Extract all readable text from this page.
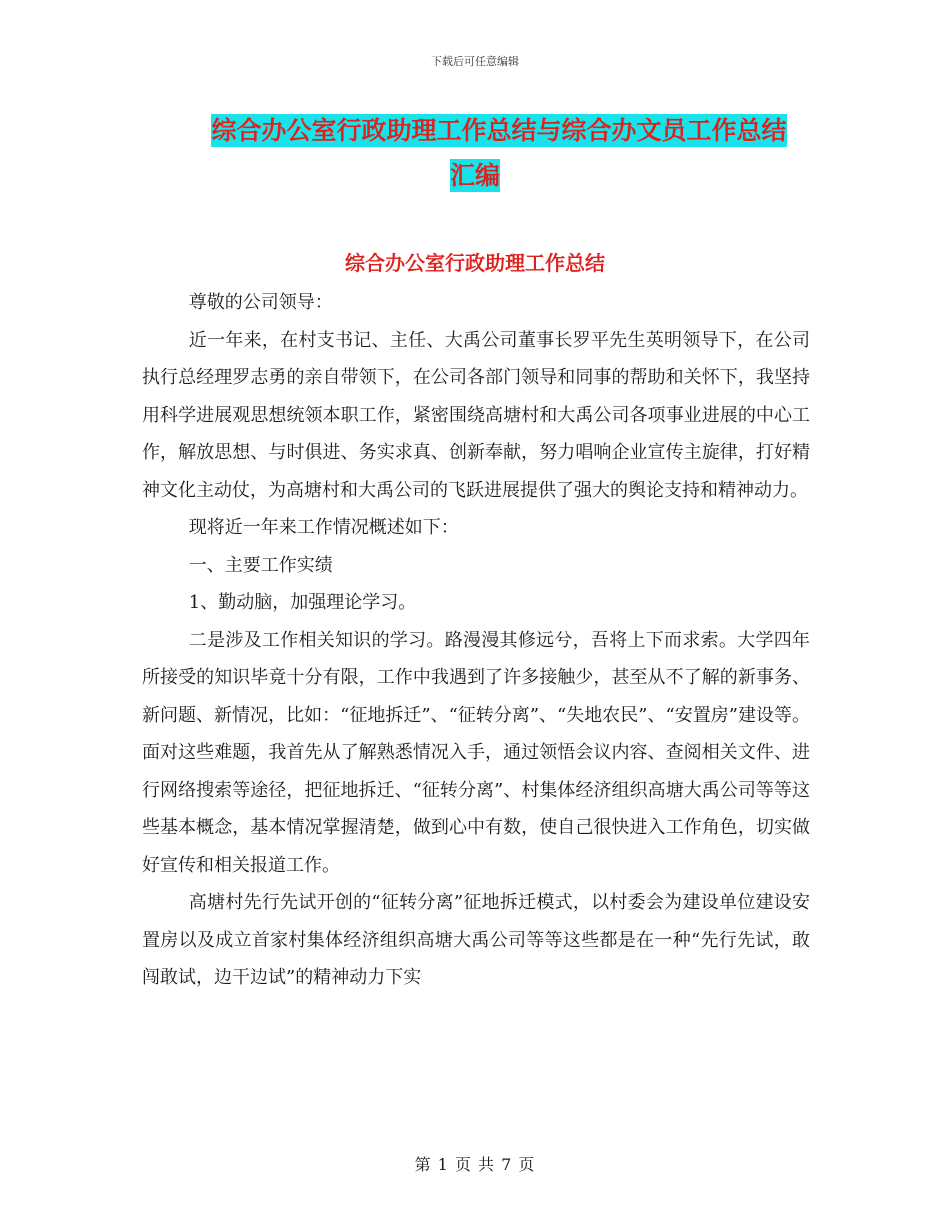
下载后可任意编辑
综合办公室行政助理工作总结与综合办文员工作总结
汇编
综合办公室行政助理工作总结

尊敬的公司领导：

近一年来，在村支书记、主任、大禹公司董事长罗平先生英明领导下，在公司执行总经理罗志勇的亲自带领下，在公司各部门领导和同事的帮助和关怀下，我坚持用科学进展观思想统领本职工作，紧密围绕高塘村和大禹公司各项事业进展的中心工作，解放思想、与时俱进、务实求真、创新奉献，努力唱响企业宣传主旋律，打好精神文化主动仗，为高塘村和大禹公司的飞跃进展提供了强大的舆论支持和精神动力。

现将近一年来工作情况概述如下：

一、主要工作实绩

1、勤动脑，加强理论学习。

二是涉及工作相关知识的学习。路漫漫其修远兮，吾将上下而求索。大学四年所接受的知识毕竟十分有限，工作中我遇到了许多接触少，甚至从不了解的新事务、新问题、新情况，比如：“征地拆迁”、“征转分离”、“失地农民”、“安置房”建设等。面对这些难题，我首先从了解熟悉情况入手，通过领悟会议内容、查阅相关文件、进行网络搜索等途径，把征地拆迁、“征转分离”、村集体经济组织高塘大禹公司等等这些基本概念，基本情况掌握清楚，做到心中有数，使自己很快进入工作角色，切实做好宣传和相关报道工作。

高塘村先行先试开创的“征转分离”征地拆迁模式，以村委会为建设单位建设安置房以及成立首家村集体经济组织高塘大禹公司等等这些都是在一种“先行先试，敢闯敢试，边干边试”的精神动力下实

第 1 页 共 7 页
